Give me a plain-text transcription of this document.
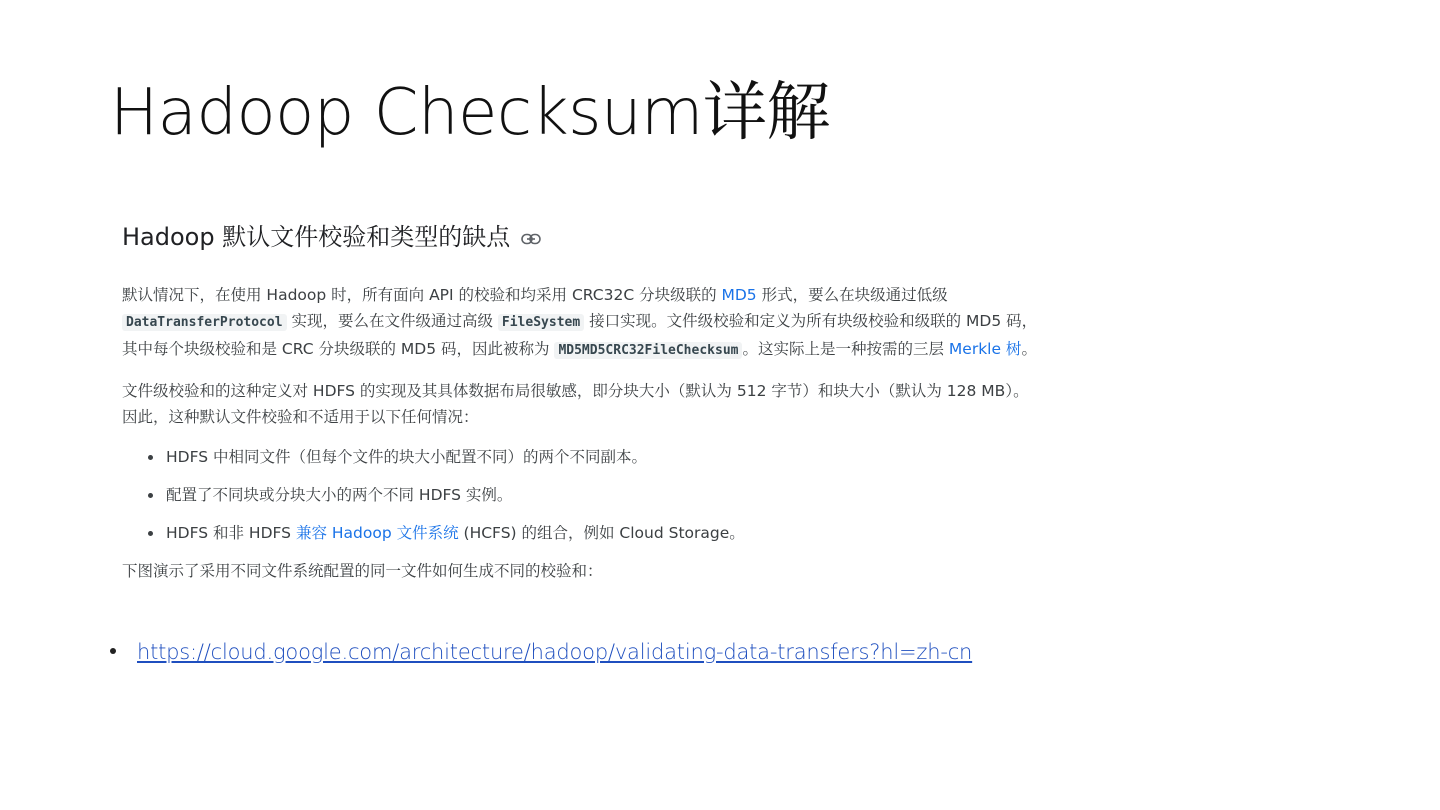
Hadoop Checksum详解
Hadoop 默认文件校验和类型的缺点

默认情况下，在使用 Hadoop 时，所有面向 API 的校验和均采用 CRC32C 分块级联的 MD5 形式，要么在块级通过低级 DataTransferProtocol 实现，要么在文件级通过高级 FileSystem 接口实现。文件级校验和定义为所有块级校验和级联的 MD5 码，其中每个块级校验和是 CRC 分块级联的 MD5 码，因此被称为 MD5MD5CRC32FileChecksum 。这实际上是一种按需的三层 Merkle 树。

文件级校验和的这种定义对 HDFS 的实现及其具体数据布局很敏感，即分块大小（默认为 512 字节）和块大小（默认为 128 MB）。因此，这种默认文件校验和不适用于以下任何情况：

HDFS 中相同文件（但每个文件的块大小配置不同）的两个不同副本。
配置了不同块或分块大小的两个不同 HDFS 实例。
HDFS 和非 HDFS 兼容 Hadoop 文件系统 (HCFS) 的组合，例如 Cloud Storage。

下图演示了采用不同文件系统配置的同一文件如何生成不同的校验和：

https://cloud.google.com/architecture/hadoop/validating-data-transfers?hl=zh-cn
